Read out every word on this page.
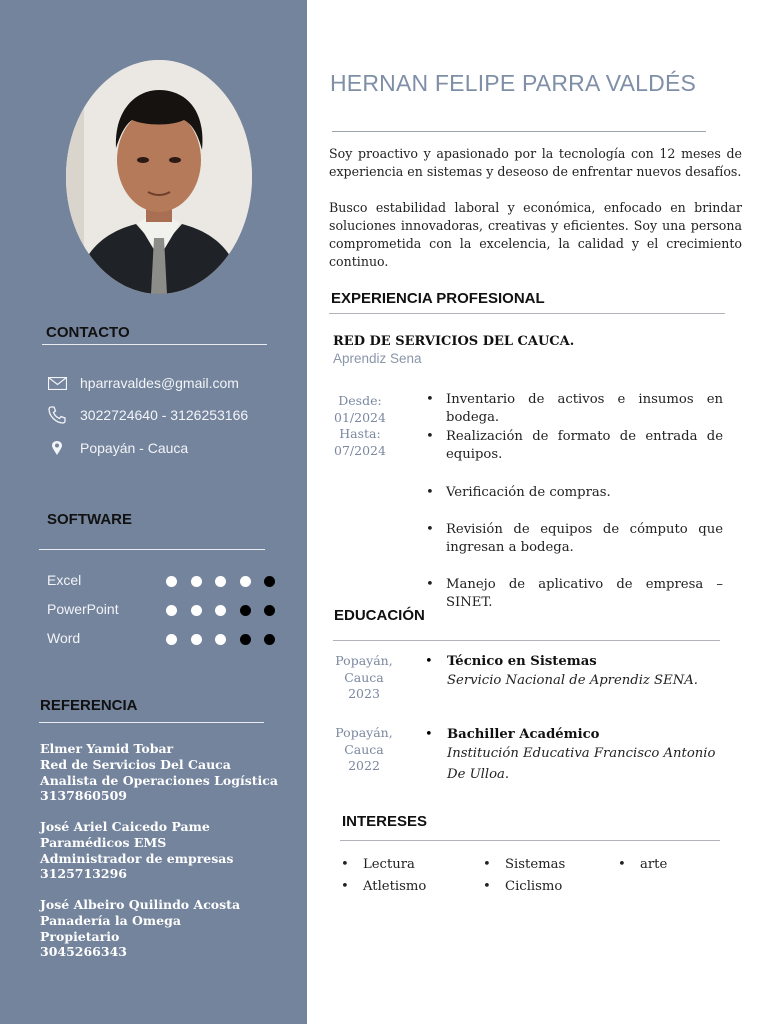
CONTACTO
hparravaldes@gmail.com
3022724640 - 3126253166
Popayán - Cauca
SOFTWARE
Excel
PowerPoint
Word
REFERENCIA
Elmer Yamid Tobar
Red de Servicios Del Cauca
Analista de Operaciones Logística
3137860509
José Ariel Caicedo Pame
Paramédicos EMS
Administrador de empresas
3125713296
José Albeiro Quilindo Acosta
Panadería la Omega
Propietario
3045266343
HERNAN FELIPE PARRA VALDÉS
Soy proactivo y apasionado por la tecnología con 12 meses de experiencia en sistemas y deseoso de enfrentar nuevos desafíos.
Busco estabilidad laboral y económica, enfocado en brindar soluciones innovadoras, creativas y eficientes. Soy una persona comprometida con la excelencia, la calidad y el crecimiento continuo.
EXPERIENCIA PROFESIONAL
RED DE SERVICIOS DEL CAUCA.
Aprendiz Sena
Desde:
01/2024
Hasta:
07/2024
• Inventario de activos e insumos en bodega.
• Realización de formato de entrada de equipos.
• Verificación de compras.
• Revisión de equipos de cómputo que ingresan a bodega.
• Manejo de aplicativo de empresa – SINET.
EDUCACIÓN
Popayán,
Cauca
2023
• Técnico en Sistemas
Servicio Nacional de Aprendiz SENA.
Popayán,
Cauca
2022
• Bachiller Académico
Institución Educativa Francisco Antonio De Ulloa.
INTERESES
• Lectura	• Sistemas	• arte
• Atletismo	• Ciclismo
